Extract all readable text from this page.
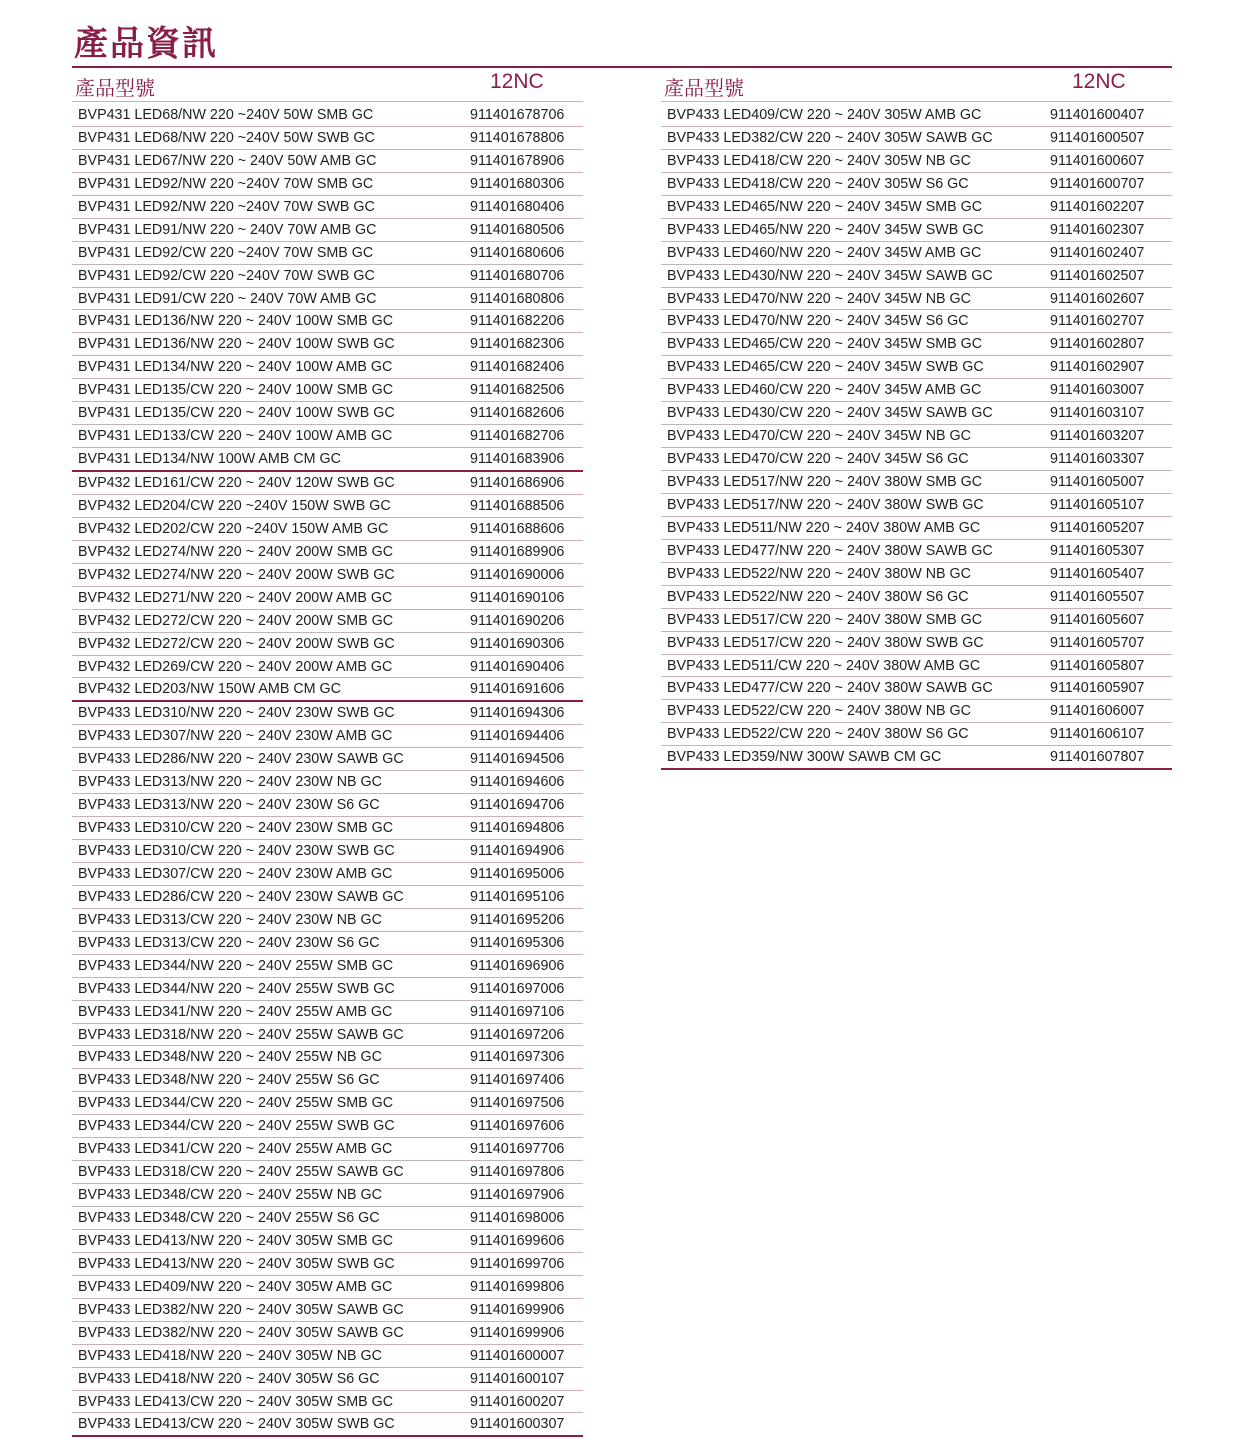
產品資訊
產品型號	12NC
BVP431 LED68/NW 220 ~240V 50W SMB GC	911401678706
BVP431 LED68/NW 220 ~240V 50W SWB GC	911401678806
BVP431 LED67/NW 220 ~ 240V 50W AMB GC	911401678906
BVP431 LED92/NW 220 ~240V 70W SMB GC	911401680306
BVP431 LED92/NW 220 ~240V 70W SWB GC	911401680406
BVP431 LED91/NW 220 ~ 240V 70W AMB GC	911401680506
BVP431 LED92/CW 220 ~240V 70W SMB GC	911401680606
BVP431 LED92/CW 220 ~240V 70W SWB GC	911401680706
BVP431 LED91/CW 220 ~ 240V 70W AMB GC	911401680806
BVP431 LED136/NW 220 ~ 240V 100W SMB GC	911401682206
BVP431 LED136/NW 220 ~ 240V 100W SWB GC	911401682306
BVP431 LED134/NW 220 ~ 240V 100W AMB GC	911401682406
BVP431 LED135/CW 220 ~ 240V 100W SMB GC	911401682506
BVP431 LED135/CW 220 ~ 240V 100W SWB GC	911401682606
BVP431 LED133/CW 220 ~ 240V 100W AMB GC	911401682706
BVP431 LED134/NW 100W AMB CM GC	911401683906
BVP432 LED161/CW 220 ~ 240V 120W SWB GC	911401686906
BVP432 LED204/CW 220 ~240V 150W SWB GC	911401688506
BVP432 LED202/CW 220 ~240V 150W AMB GC	911401688606
BVP432 LED274/NW 220 ~ 240V 200W SMB GC	911401689906
BVP432 LED274/NW 220 ~ 240V 200W SWB GC	911401690006
BVP432 LED271/NW 220 ~ 240V 200W AMB GC	911401690106
BVP432 LED272/CW 220 ~ 240V 200W SMB GC	911401690206
BVP432 LED272/CW 220 ~ 240V 200W SWB GC	911401690306
BVP432 LED269/CW 220 ~ 240V 200W AMB GC	911401690406
BVP432 LED203/NW 150W AMB CM GC	911401691606
BVP433 LED310/NW 220 ~ 240V 230W SWB GC	911401694306
BVP433 LED307/NW 220 ~ 240V 230W AMB GC	911401694406
BVP433 LED286/NW 220 ~ 240V 230W SAWB GC	911401694506
BVP433 LED313/NW 220 ~ 240V 230W NB GC	911401694606
BVP433 LED313/NW 220 ~ 240V 230W S6 GC	911401694706
BVP433 LED310/CW 220 ~ 240V 230W SMB GC	911401694806
BVP433 LED310/CW 220 ~ 240V 230W SWB GC	911401694906
BVP433 LED307/CW 220 ~ 240V 230W AMB GC	911401695006
BVP433 LED286/CW 220 ~ 240V 230W SAWB GC	911401695106
BVP433 LED313/CW 220 ~ 240V 230W NB GC	911401695206
BVP433 LED313/CW 220 ~ 240V 230W S6 GC	911401695306
BVP433 LED344/NW 220 ~ 240V 255W SMB GC	911401696906
BVP433 LED344/NW 220 ~ 240V 255W SWB GC	911401697006
BVP433 LED341/NW 220 ~ 240V 255W AMB GC	911401697106
BVP433 LED318/NW 220 ~ 240V 255W SAWB GC	911401697206
BVP433 LED348/NW 220 ~ 240V 255W NB GC	911401697306
BVP433 LED348/NW 220 ~ 240V 255W S6 GC	911401697406
BVP433 LED344/CW 220 ~ 240V 255W SMB GC	911401697506
BVP433 LED344/CW 220 ~ 240V 255W SWB GC	911401697606
BVP433 LED341/CW 220 ~ 240V 255W AMB GC	911401697706
BVP433 LED318/CW 220 ~ 240V 255W SAWB GC	911401697806
BVP433 LED348/CW 220 ~ 240V 255W NB GC	911401697906
BVP433 LED348/CW 220 ~ 240V 255W S6 GC	911401698006
BVP433 LED413/NW 220 ~ 240V 305W SMB GC	911401699606
BVP433 LED413/NW 220 ~ 240V 305W SWB GC	911401699706
BVP433 LED409/NW 220 ~ 240V 305W AMB GC	911401699806
BVP433 LED382/NW 220 ~ 240V 305W SAWB GC	911401699906
BVP433 LED382/NW 220 ~ 240V 305W SAWB GC	911401699906
BVP433 LED418/NW 220 ~ 240V 305W NB GC	911401600007
BVP433 LED418/NW 220 ~ 240V 305W S6 GC	911401600107
BVP433 LED413/CW 220 ~ 240V 305W SMB GC	911401600207
BVP433 LED413/CW 220 ~ 240V 305W SWB GC	911401600307
產品型號	12NC
BVP433 LED409/CW 220 ~ 240V 305W AMB GC	911401600407
BVP433 LED382/CW 220 ~ 240V 305W SAWB GC	911401600507
BVP433 LED418/CW 220 ~ 240V 305W NB GC	911401600607
BVP433 LED418/CW 220 ~ 240V 305W S6 GC	911401600707
BVP433 LED465/NW 220 ~ 240V 345W SMB GC	911401602207
BVP433 LED465/NW 220 ~ 240V 345W SWB GC	911401602307
BVP433 LED460/NW 220 ~ 240V 345W AMB GC	911401602407
BVP433 LED430/NW 220 ~ 240V 345W SAWB GC	911401602507
BVP433 LED470/NW 220 ~ 240V 345W NB GC	911401602607
BVP433 LED470/NW 220 ~ 240V 345W S6 GC	911401602707
BVP433 LED465/CW 220 ~ 240V 345W SMB GC	911401602807
BVP433 LED465/CW 220 ~ 240V 345W SWB GC	911401602907
BVP433 LED460/CW 220 ~ 240V 345W AMB GC	911401603007
BVP433 LED430/CW 220 ~ 240V 345W SAWB GC	911401603107
BVP433 LED470/CW 220 ~ 240V 345W NB GC	911401603207
BVP433 LED470/CW 220 ~ 240V 345W S6 GC	911401603307
BVP433 LED517/NW 220 ~ 240V 380W SMB GC	911401605007
BVP433 LED517/NW 220 ~ 240V 380W SWB GC	911401605107
BVP433 LED511/NW 220 ~ 240V 380W AMB GC	911401605207
BVP433 LED477/NW 220 ~ 240V 380W SAWB GC	911401605307
BVP433 LED522/NW 220 ~ 240V 380W NB GC	911401605407
BVP433 LED522/NW 220 ~ 240V 380W S6 GC	911401605507
BVP433 LED517/CW 220 ~ 240V 380W SMB GC	911401605607
BVP433 LED517/CW 220 ~ 240V 380W SWB GC	911401605707
BVP433 LED511/CW 220 ~ 240V 380W AMB GC	911401605807
BVP433 LED477/CW 220 ~ 240V 380W SAWB GC	911401605907
BVP433 LED522/CW 220 ~ 240V 380W NB GC	911401606007
BVP433 LED522/CW 220 ~ 240V 380W S6 GC	911401606107
BVP433 LED359/NW 300W SAWB CM GC	911401607807
